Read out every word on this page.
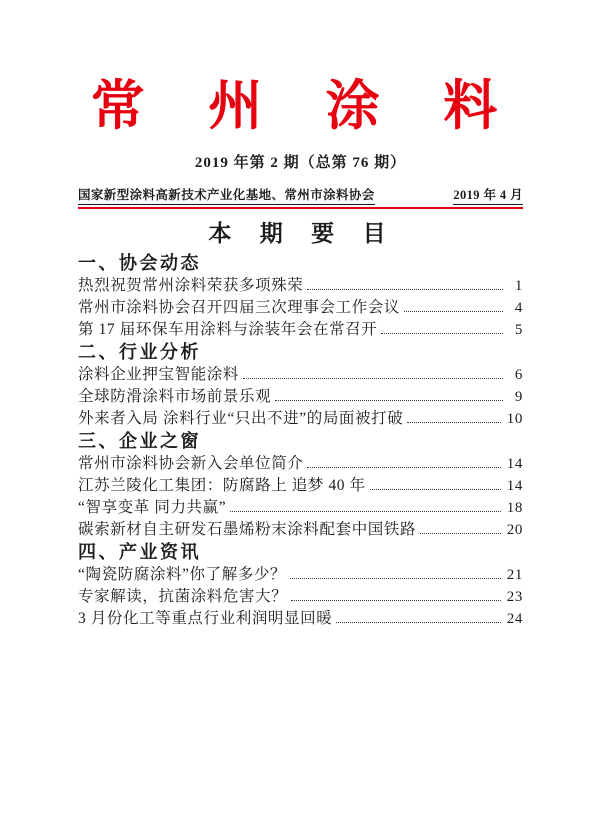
常 州 涂 料
2019 年第 2 期（总第 76 期）
国家新型涂料高新技术产业化基地、常州市涂料协会	2019 年 4 月
本 期 要 目
一、协会动态
热烈祝贺常州涂料荣获多项殊荣	1
常州市涂料协会召开四届三次理事会工作会议	4
第 17 届环保车用涂料与涂装年会在常召开	5
二、行业分析
涂料企业押宝智能涂料	6
全球防滑涂料市场前景乐观	9
外来者入局 涂料行业“只出不进”的局面被打破	10
三、企业之窗
常州市涂料协会新入会单位简介	14
江苏兰陵化工集团：防腐路上 追梦 40 年	14
“智享变革 同力共赢”	18
碳索新材自主研发石墨烯粉末涂料配套中国铁路	20
四、产业资讯
“陶瓷防腐涂料”你了解多少？	21
专家解读，抗菌涂料危害大？	23
3 月份化工等重点行业利润明显回暖	24
